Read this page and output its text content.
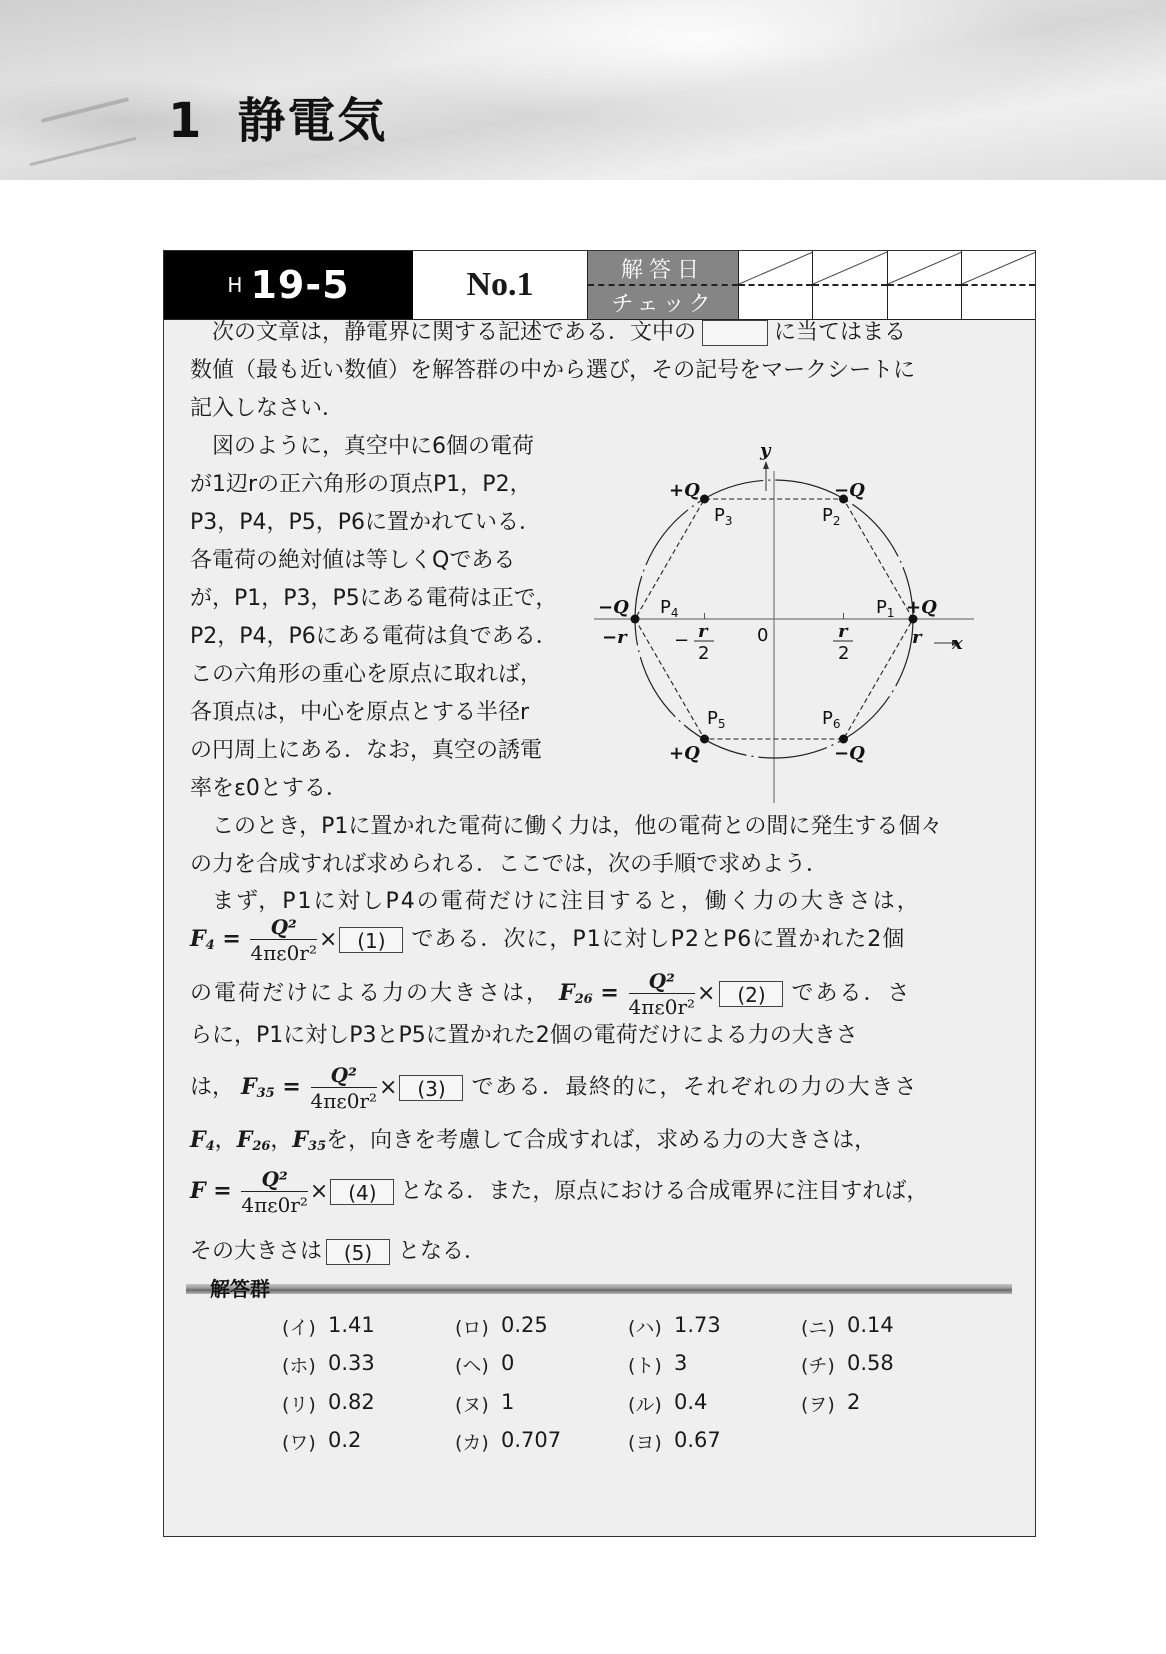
1 静電気
H 19-5	No.1	解答日
チェック
次の文章は，静電界に関する記述である．文中の	に当てはまる
数値（最も近い数値）を解答群の中から選び，その記号をマークシートに
記入しなさい．
図のように，真空中に6個の電荷
が1辺rの正六角形の頂点P1，P2，
P3，P4，P5，P6に置かれている．
各電荷の絶対値は等しくQである
が，P1，P3，P5にある電荷は正で，
P2，P4，P6にある電荷は負である．
この六角形の重心を原点に取れば，
各頂点は，中心を原点とする半径r
の円周上にある．なお，真空の誘電
率をε0とする．
y
x
0
$P_3$	$P_2$
$P_4$	$P_1$
$P_5$	$P_6$
+Q	−Q
−Q	+Q
+Q	−Q
−r	r
− r
2
r
2
このとき，P1に置かれた電荷に働く力は，他の電荷との間に発生する個々
の力を合成すれば求められる．ここでは，次の手順で求めよう．
まず，P1に対しP4の電荷だけに注目すると，働く力の大きさは，
$F_4 = \frac{\text{Q²}}{\text{4πε0r²}} \times (1)$ である．次に，P1に対しP2とP6に置かれた2個
の電荷だけによる力の大きさは， $F_{26} = \frac{\text{Q²}}{\text{4πε0r²}} \times (2)$ である．さ
らに，P1に対しP3とP5に置かれた2個の電荷だけによる力の大きさ
は， $F_{35} = \frac{\text{Q²}}{\text{4πε0r²}} \times (3)$ である．最終的に，それぞれの力の大きさ
$F_4$，$F_{26}$，$F_{35}$を，向きを考慮して合成すれば，求める力の大きさは，
$F = \frac{\text{Q²}}{\text{4πε0r²}} \times (4)$ となる．また，原点における合成電界に注目すれば，
その大きさは (5) となる．
解答群
(イ) 1.41	(ロ) 0.25	(ハ) 1.73	(ニ) 0.14
(ホ) 0.33	(ヘ) 0	(ト) 3	(チ) 0.58
(リ) 0.82	(ヌ) 1	(ル) 0.4	(ヲ) 2
(ワ) 0.2	(カ) 0.707	(ヨ) 0.67
